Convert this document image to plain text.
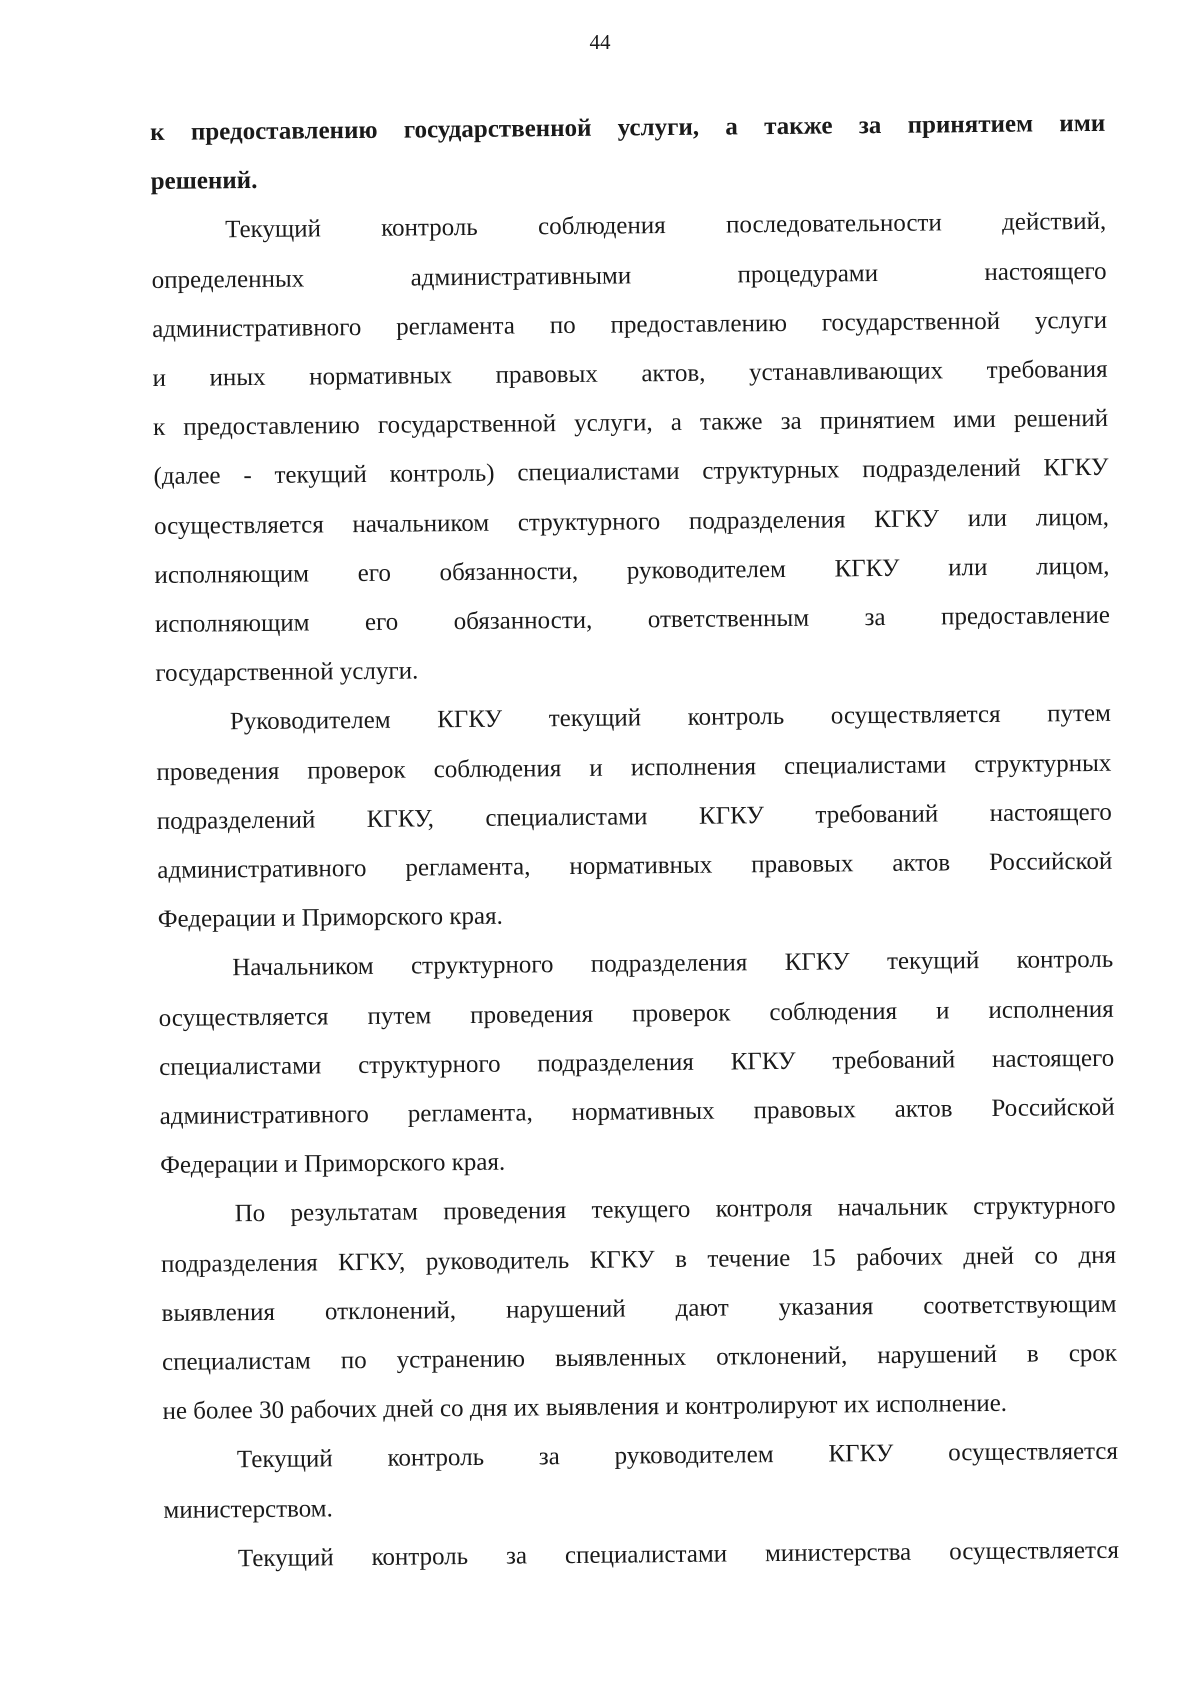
44

к предоставлению государственной услуги, а также за принятием ими

решений.

Текущий контроль соблюдения последовательности действий,

определенных административными процедурами настоящего

административного регламента по предоставлению государственной услуги

и иных нормативных правовых актов, устанавливающих требования

к предоставлению государственной услуги, а также за принятием ими решений

(далее - текущий контроль) специалистами структурных подразделений КГКУ

осуществляется начальником структурного подразделения КГКУ или лицом,

исполняющим его обязанности, руководителем КГКУ или лицом,

исполняющим его обязанности, ответственным за предоставление

государственной услуги.

Руководителем КГКУ текущий контроль осуществляется путем

проведения проверок соблюдения и исполнения специалистами структурных

подразделений КГКУ, специалистами КГКУ требований настоящего

административного регламента, нормативных правовых актов Российской

Федерации и Приморского края.

Начальником структурного подразделения КГКУ текущий контроль

осуществляется путем проведения проверок соблюдения и исполнения

специалистами структурного подразделения КГКУ требований настоящего

административного регламента, нормативных правовых актов Российской

Федерации и Приморского края.

По результатам проведения текущего контроля начальник структурного

подразделения КГКУ, руководитель КГКУ в течение 15 рабочих дней со дня

выявления отклонений, нарушений дают указания соответствующим

специалистам по устранению выявленных отклонений, нарушений в срок

не более 30 рабочих дней со дня их выявления и контролируют их исполнение.

Текущий контроль за руководителем КГКУ осуществляется

министерством.

Текущий контроль за специалистами министерства осуществляется
